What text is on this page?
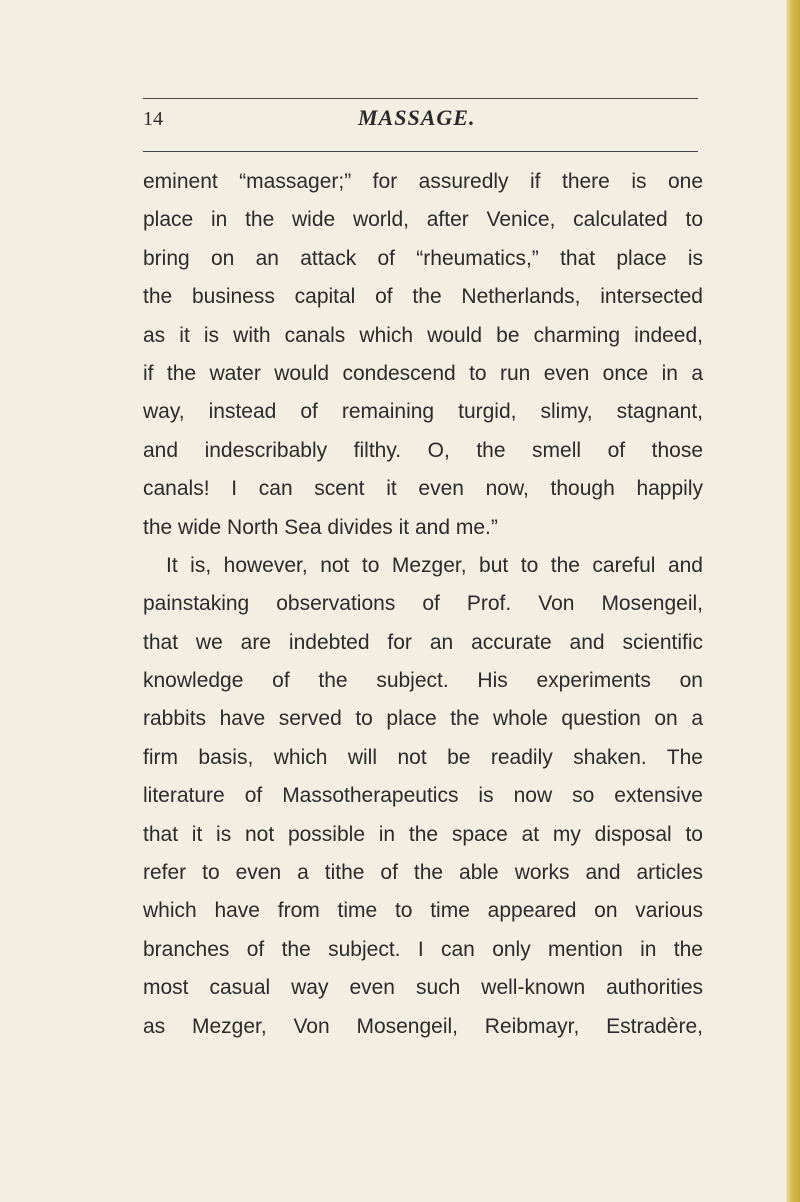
14	MASSAGE.
eminent “massager;” for assuredly if there is one
place in the wide world, after Venice, calculated to
bring on an attack of “rheumatics,” that place is
the business capital of the Netherlands, intersected
as it is with canals which would be charming indeed,
if the water would condescend to run even once in a
way, instead of remaining turgid, slimy, stagnant,
and indescribably filthy. O, the smell of those
canals! I can scent it even now, though happily
the wide North Sea divides it and me.”
It is, however, not to Mezger, but to the careful and
painstaking observations of Prof. Von Mosengeil,
that we are indebted for an accurate and scientific
knowledge of the subject. His experiments on
rabbits have served to place the whole question on a
firm basis, which will not be readily shaken. The
literature of Massotherapeutics is now so extensive
that it is not possible in the space at my disposal to
refer to even a tithe of the able works and articles
which have from time to time appeared on various
branches of the subject. I can only mention in the
most casual way even such well-known authorities
as Mezger, Von Mosengeil, Reibmayr, Estradère,
